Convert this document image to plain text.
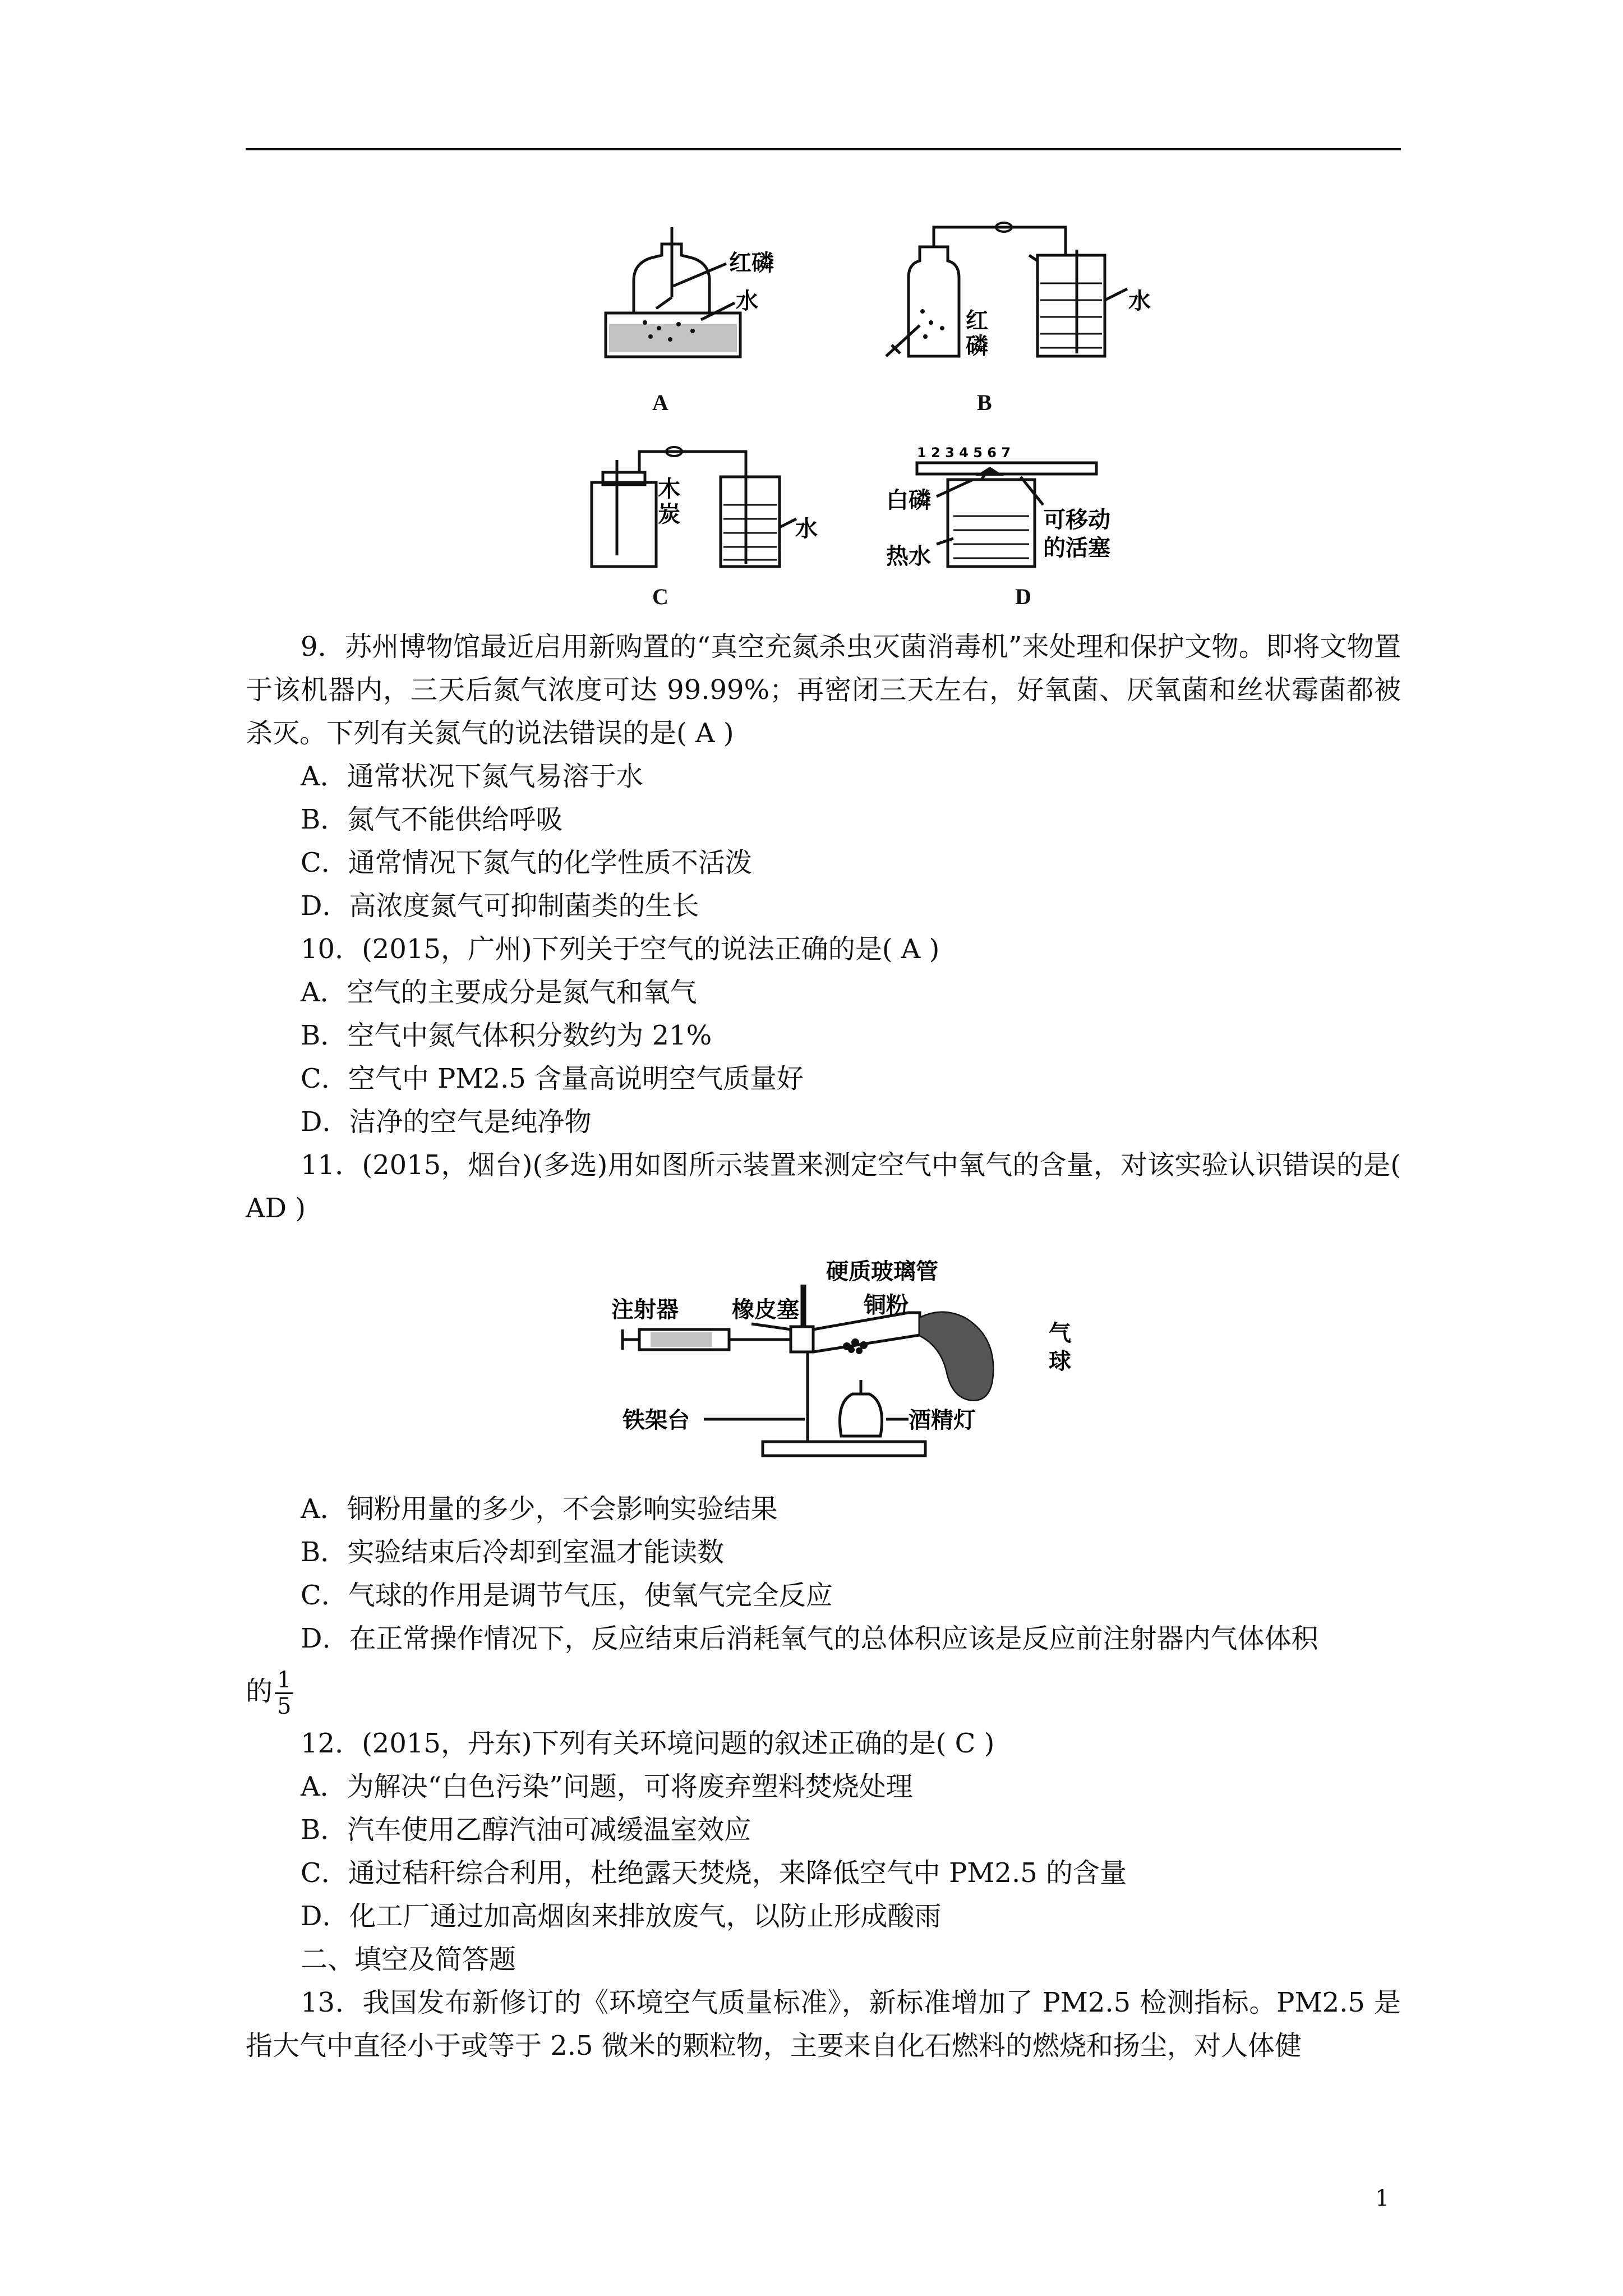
红磷
水
A
红
磷
水
B
木
炭
水
C
1 2 3 4 5 6 7
白磷
热水
可移动
的活塞
D

9．苏州博物馆最近启用新购置的“真空充氮杀虫灭菌消毒机”来处理和保护文物。即将文物置于该机器内，三天后氮气浓度可达 99.99%；再密闭三天左右，好氧菌、厌氧菌和丝状霉菌都被杀灭。下列有关氮气的说法错误的是( A )

A．通常状况下氮气易溶于水

B．氮气不能供给呼吸

C．通常情况下氮气的化学性质不活泼

D．高浓度氮气可抑制菌类的生长

10．(2015，广州)下列关于空气的说法正确的是( A )

A．空气的主要成分是氮气和氧气

B．空气中氮气体积分数约为 21%

C．空气中 PM2.5 含量高说明空气质量好

D．洁净的空气是纯净物

11．(2015，烟台)(多选)用如图所示装置来测定空气中氧气的含量，对该实验认识错误的是( AD )

注射器 橡皮塞
硬质玻璃管
铜粉
气
球
铁架台	酒精灯

A．铜粉用量的多少，不会影响实验结果

B．实验结束后冷却到室温才能读数

C．气球的作用是调节气压，使氧气完全反应

D．在正常操作情况下，反应结束后消耗氧气的总体积应该是反应前注射器内气体体积

的 $\frac{1}{5}$

12．(2015，丹东)下列有关环境问题的叙述正确的是( C )

A．为解决“白色污染”问题，可将废弃塑料焚烧处理

B．汽车使用乙醇汽油可减缓温室效应

C．通过秸秆综合利用，杜绝露天焚烧，来降低空气中 PM2.5 的含量

D．化工厂通过加高烟囱来排放废气，以防止形成酸雨

二、填空及简答题

13．我国发布新修订的《环境空气质量标准》，新标准增加了 PM2.5 检测指标。PM2.5 是指大气中直径小于或等于 2.5 微米的颗粒物，主要来自化石燃料的燃烧和扬尘，对人体健

1
